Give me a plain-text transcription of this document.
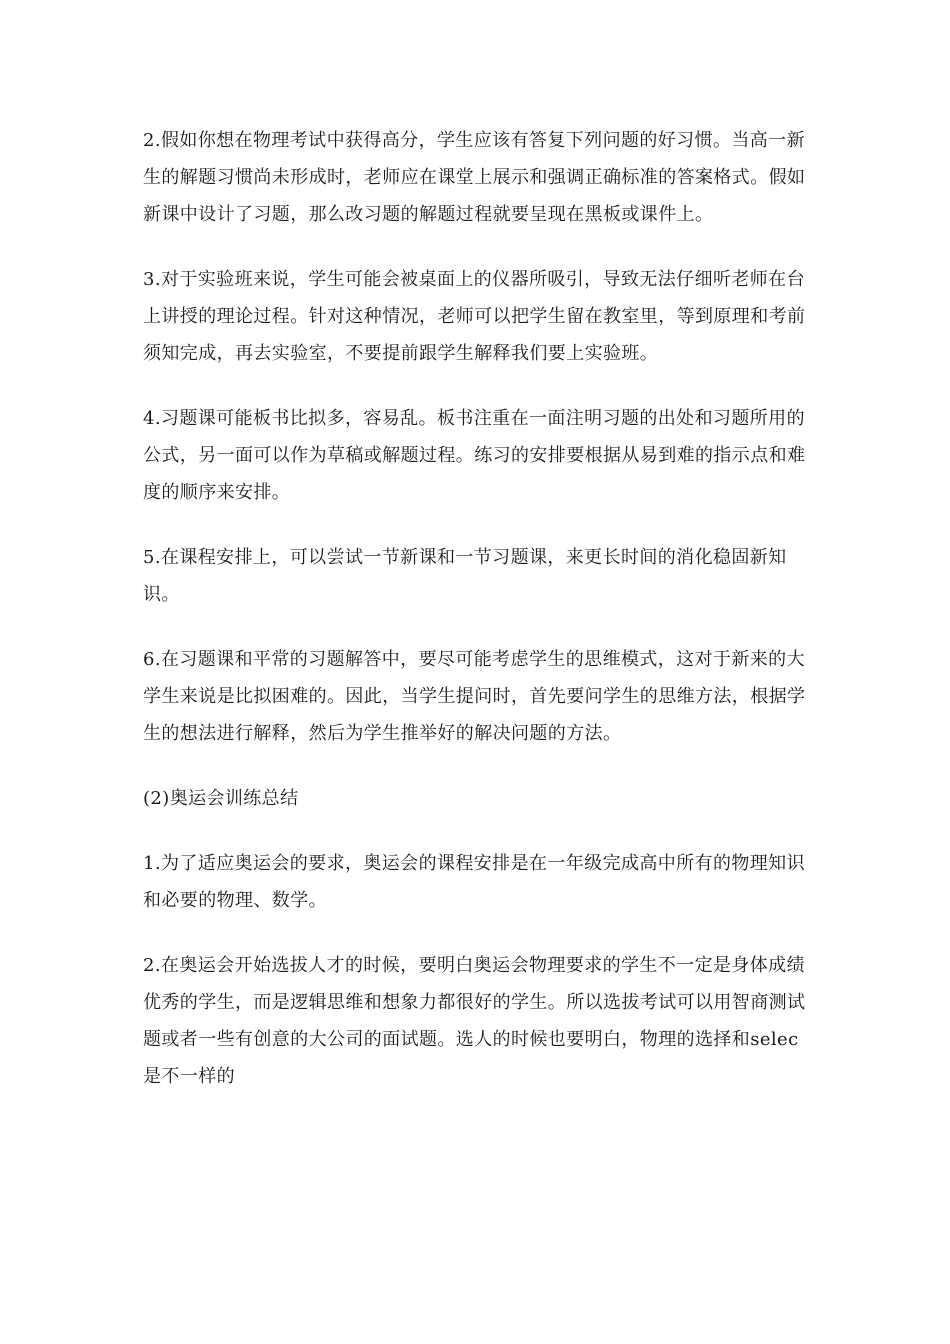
2.假如你想在物理考试中获得高分，学生应该有答复下列问题的好习惯。当高一新生的解题习惯尚未形成时，老师应在课堂上展示和强调正确标准的答案格式。假如新课中设计了习题，那么改习题的解题过程就要呈现在黑板或课件上。

3.对于实验班来说，学生可能会被桌面上的仪器所吸引，导致无法仔细听老师在台上讲授的理论过程。针对这种情况，老师可以把学生留在教室里，等到原理和考前须知完成，再去实验室，不要提前跟学生解释我们要上实验班。

4.习题课可能板书比拟多，容易乱。板书注重在一面注明习题的出处和习题所用的公式，另一面可以作为草稿或解题过程。练习的安排要根据从易到难的指示点和难度的顺序来安排。

5.在课程安排上，可以尝试一节新课和一节习题课，来更长时间的消化稳固新知识。

6.在习题课和平常的习题解答中，要尽可能考虑学生的思维模式，这对于新来的大学生来说是比拟困难的。因此，当学生提问时，首先要问学生的思维方法，根据学生的想法进行解释，然后为学生推举好的解决问题的方法。

(2)奥运会训练总结

1.为了适应奥运会的要求，奥运会的课程安排是在一年级完成高中所有的物理知识和必要的物理、数学。

2.在奥运会开始选拔人才的时候，要明白奥运会物理要求的学生不一定是身体成绩优秀的学生，而是逻辑思维和想象力都很好的学生。所以选拔考试可以用智商测试题或者一些有创意的大公司的面试题。选人的时候也要明白，物理的选择和selec是不一样的
